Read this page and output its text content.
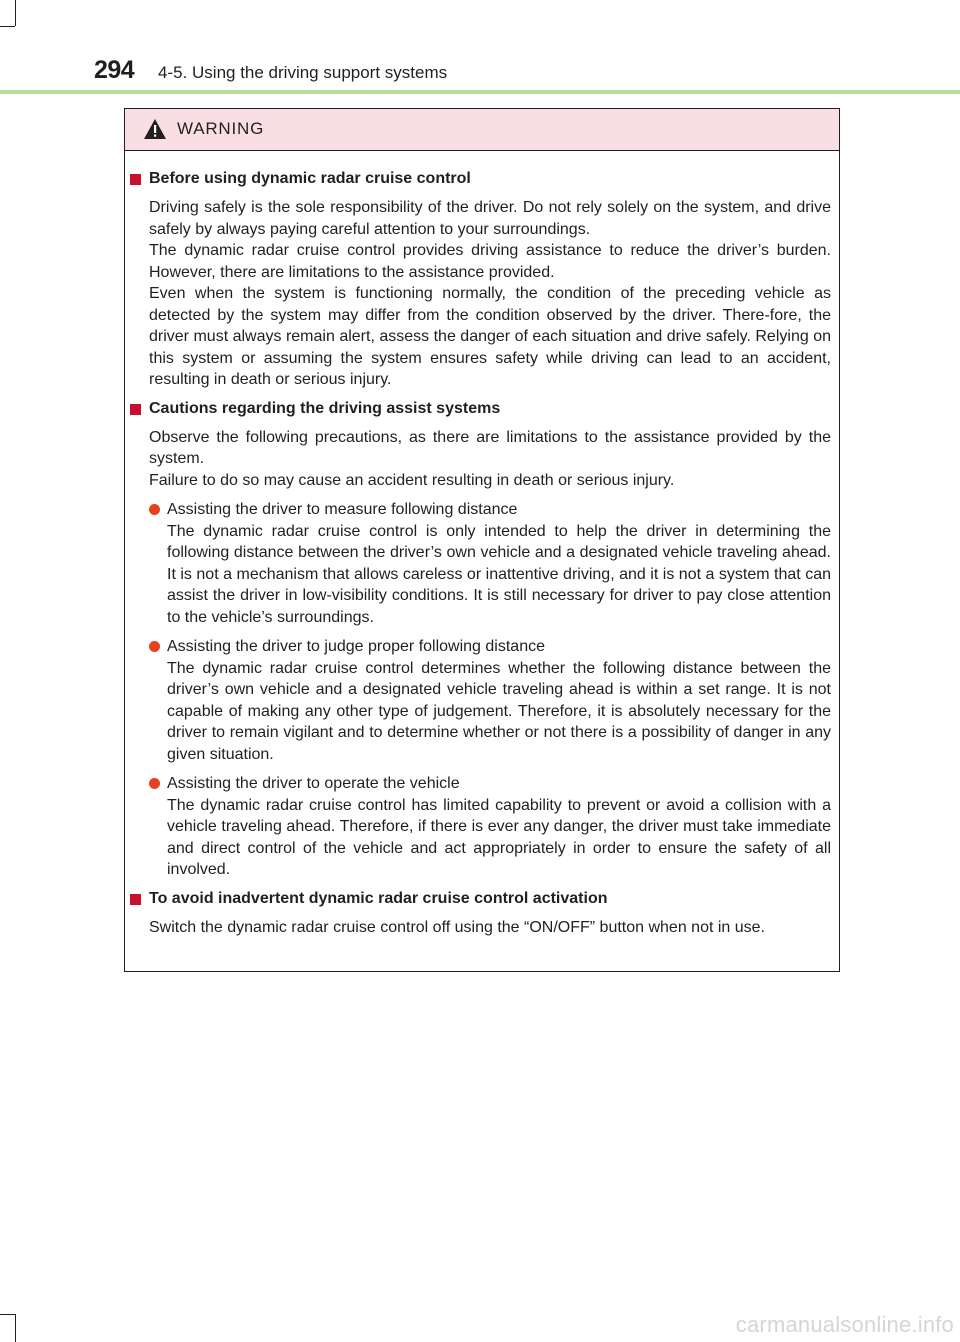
294 4-5. Using the driving support systems
WARNING
Before using dynamic radar cruise control
Driving safely is the sole responsibility of the driver. Do not rely solely on the system, and drive safely by always paying careful attention to your surroundings.
The dynamic radar cruise control provides driving assistance to reduce the driver’s burden. However, there are limitations to the assistance provided.
Even when the system is functioning normally, the condition of the preceding vehicle as detected by the system may differ from the condition observed by the driver. There-fore, the driver must always remain alert, assess the danger of each situation and drive safely. Relying on this system or assuming the system ensures safety while driving can lead to an accident, resulting in death or serious injury.
Cautions regarding the driving assist systems
Observe the following precautions, as there are limitations to the assistance provided by the system.
Failure to do so may cause an accident resulting in death or serious injury.
Assisting the driver to measure following distance
The dynamic radar cruise control is only intended to help the driver in determining the following distance between the driver’s own vehicle and a designated vehicle traveling ahead. It is not a mechanism that allows careless or inattentive driving, and it is not a system that can assist the driver in low-visibility conditions. It is still necessary for driver to pay close attention to the vehicle’s surroundings.
Assisting the driver to judge proper following distance
The dynamic radar cruise control determines whether the following distance between the driver’s own vehicle and a designated vehicle traveling ahead is within a set range. It is not capable of making any other type of judgement. Therefore, it is absolutely necessary for the driver to remain vigilant and to determine whether or not there is a possibility of danger in any given situation.
Assisting the driver to operate the vehicle
The dynamic radar cruise control has limited capability to prevent or avoid a collision with a vehicle traveling ahead. Therefore, if there is ever any danger, the driver must take immediate and direct control of the vehicle and act appropriately in order to ensure the safety of all involved.
To avoid inadvertent dynamic radar cruise control activation
Switch the dynamic radar cruise control off using the “ON/OFF” button when not in use.
carmanualsonline.info
